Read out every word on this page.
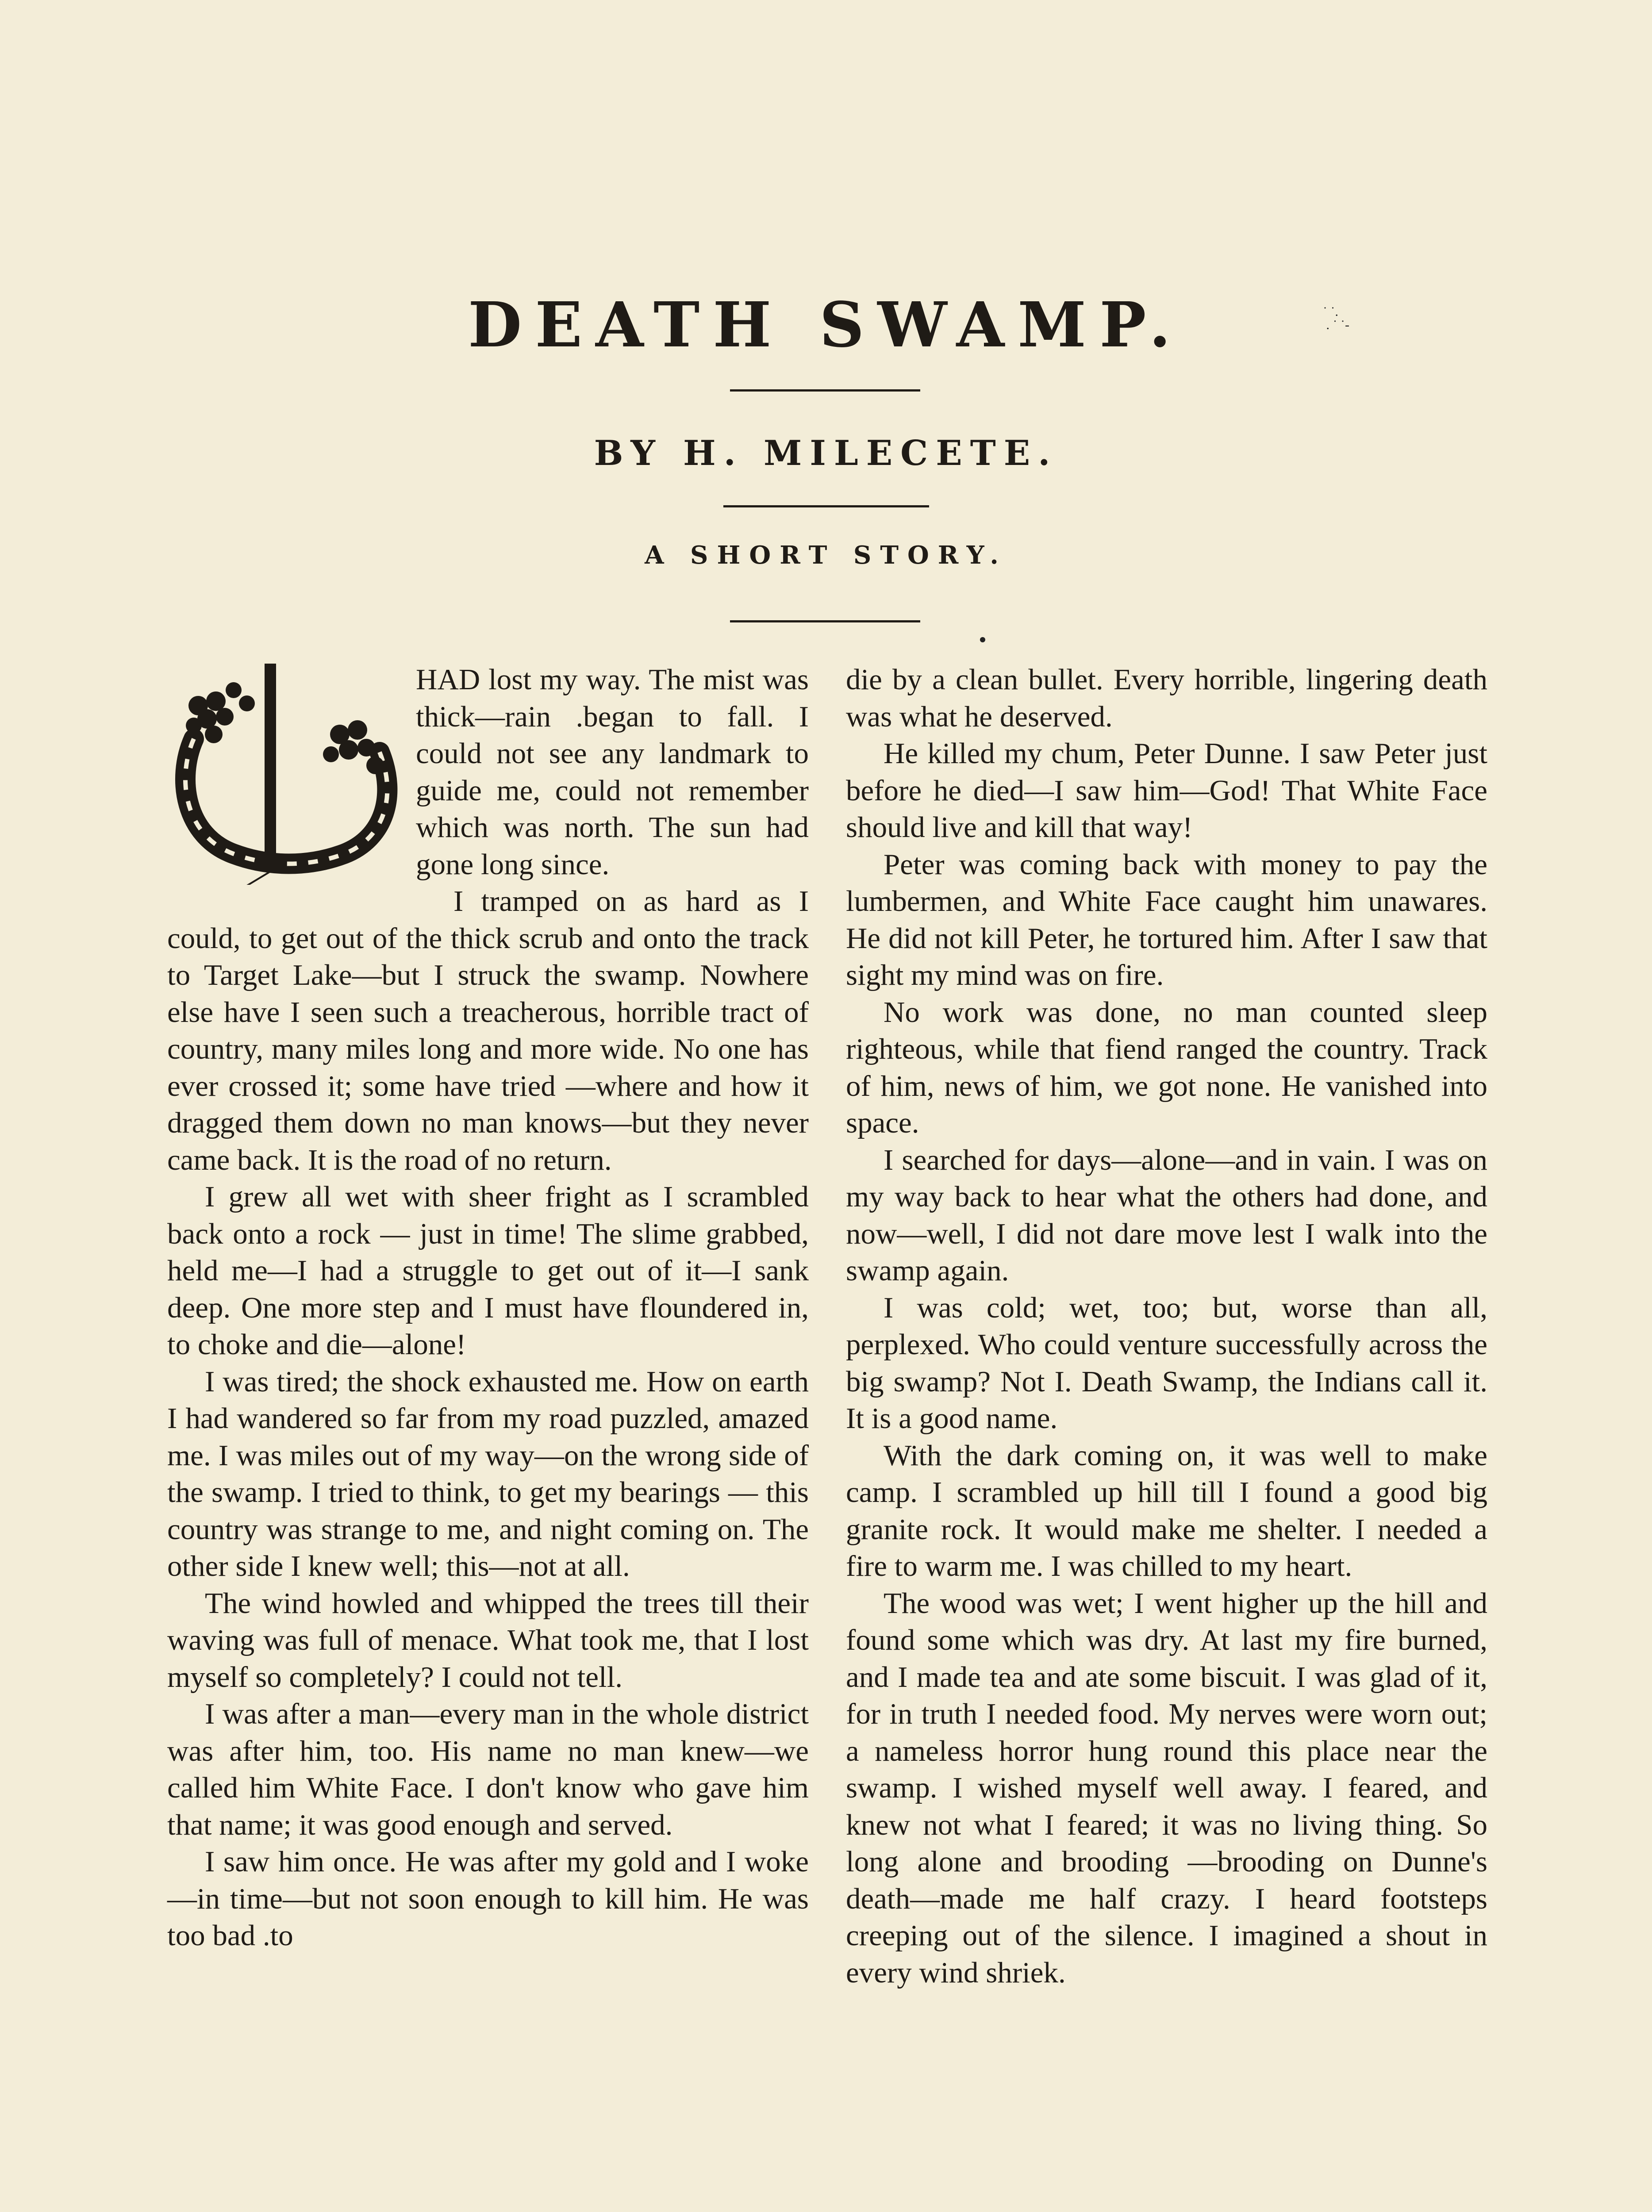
DEATH SWAMP.	˙ ˙.
. ˙ ˙-
BY H. MILECETE.
A SHORT STORY.

HAD lost my way. The mist was thick—rain .began to fall. I could not see any landmark to guide me, could not remember which was north. The sun had gone long since.

I tramped on as hard as I could, to get out of the thick scrub and onto the track to Target Lake—but I struck the swamp. Nowhere else have I seen such a treacherous, horrible tract of country, many miles long and more wide. No one has ever crossed it; some have tried —where and how it dragged them down no man knows—but they never came back. It is the road of no return.

I grew all wet with sheer fright as I scrambled back onto a rock — just in time! The slime grabbed, held me—I had a struggle to get out of it—I sank deep. One more step and I must have floundered in, to choke and die—alone!

I was tired; the shock exhausted me. How on earth I had wandered so far from my road puzzled, amazed me. I was miles out of my way—on the wrong side of the swamp. I tried to think, to get my bearings — this country was strange to me, and night coming on. The other side I knew well; this—not at all.

The wind howled and whipped the trees till their waving was full of menace. What took me, that I lost myself so completely? I could not tell.

I was after a man—every man in the whole district was after him, too. His name no man knew—we called him White Face. I don't know who gave him that name; it was good enough and served.

I saw him once. He was after my gold and I woke—in time—but not soon enough to kill him. He was too bad .to

die by a clean bullet. Every horrible, lingering death was what he deserved.

He killed my chum, Peter Dunne. I saw Peter just before he died—I saw him—God! That White Face should live and kill that way!

Peter was coming back with money to pay the lumbermen, and White Face caught him unawares. He did not kill Peter, he tortured him. After I saw that sight my mind was on fire.

No work was done, no man counted sleep righteous, while that fiend ranged the country. Track of him, news of him, we got none. He vanished into space.

I searched for days—alone—and in vain. I was on my way back to hear what the others had done, and now—well, I did not dare move lest I walk into the swamp again.

I was cold; wet, too; but, worse than all, perplexed. Who could venture successfully across the big swamp? Not I. Death Swamp, the Indians call it. It is a good name.

With the dark coming on, it was well to make camp. I scrambled up hill till I found a good big granite rock. It would make me shelter. I needed a fire to warm me. I was chilled to my heart.

The wood was wet; I went higher up the hill and found some which was dry. At last my fire burned, and I made tea and ate some biscuit. I was glad of it, for in truth I needed food. My nerves were worn out; a nameless horror hung round this place near the swamp. I wished myself well away. I feared, and knew not what I feared; it was no living thing. So long alone and brooding —brooding on Dunne's death—made me half crazy. I heard footsteps creeping out of the silence. I imagined a shout in every wind shriek.
